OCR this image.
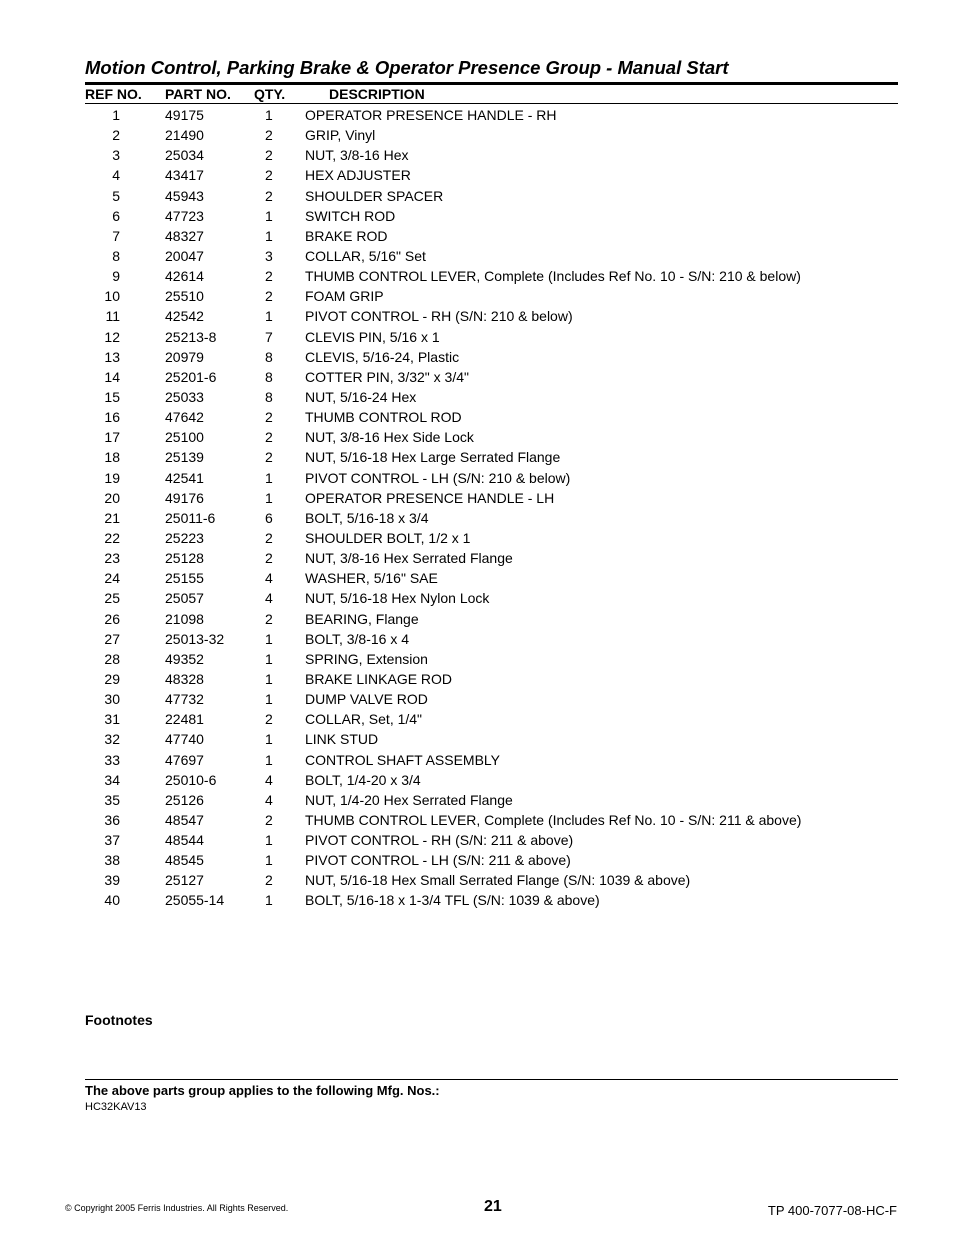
Motion Control, Parking Brake & Operator Presence Group - Manual Start
REF NO. PART NO. QTY.	DESCRIPTION
1	49175	1 OPERATOR PRESENCE HANDLE - RH
2	21490	2 GRIP, Vinyl
3	25034	2 NUT, 3/8-16 Hex
4	43417	2 HEX ADJUSTER
5	45943	2 SHOULDER SPACER
6	47723	1 SWITCH ROD
7	48327	1 BRAKE ROD
8	20047	3 COLLAR, 5/16" Set
9	42614	2 THUMB CONTROL LEVER, Complete (Includes Ref No. 10 - S/N: 210 & below)
10	25510	2 FOAM GRIP
11	42542	1 PIVOT CONTROL - RH (S/N: 210 & below)
12	25213-8	7 CLEVIS PIN, 5/16 x 1
13	20979	8 CLEVIS, 5/16-24, Plastic
14	25201-6	8 COTTER PIN, 3/32" x 3/4"
15	25033	8 NUT, 5/16-24 Hex
16	47642	2 THUMB CONTROL ROD
17	25100	2 NUT, 3/8-16 Hex Side Lock
18	25139	2 NUT, 5/16-18 Hex Large Serrated Flange
19	42541	1 PIVOT CONTROL - LH (S/N: 210 & below)
20	49176	1 OPERATOR PRESENCE HANDLE - LH
21	25011-6	6 BOLT, 5/16-18 x 3/4
22	25223	2 SHOULDER BOLT, 1/2 x 1
23	25128	2 NUT, 3/8-16 Hex Serrated Flange
24	25155	4 WASHER, 5/16" SAE
25	25057	4 NUT, 5/16-18 Hex Nylon Lock
26	21098	2 BEARING, Flange
27	25013-32	1 BOLT, 3/8-16 x 4
28	49352	1 SPRING, Extension
29	48328	1 BRAKE LINKAGE ROD
30	47732	1 DUMP VALVE ROD
31	22481	2 COLLAR, Set, 1/4"
32	47740	1 LINK STUD
33	47697	1 CONTROL SHAFT ASSEMBLY
34	25010-6	4 BOLT, 1/4-20 x 3/4
35	25126	4 NUT, 1/4-20 Hex Serrated Flange
36	48547	2 THUMB CONTROL LEVER, Complete (Includes Ref No. 10 - S/N: 211 & above)
37	48544	1 PIVOT CONTROL - RH (S/N: 211 & above)
38	48545	1 PIVOT CONTROL - LH (S/N: 211 & above)
39	25127	2 NUT, 5/16-18 Hex Small Serrated Flange (S/N: 1039 & above)
40	25055-14	1 BOLT, 5/16-18 x 1-3/4 TFL (S/N: 1039 & above)
Footnotes
The above parts group applies to the following Mfg. Nos.:
HC32KAV13
© Copyright 2005 Ferris Industries. All Rights Reserved.	21	TP 400-7077-08-HC-F
